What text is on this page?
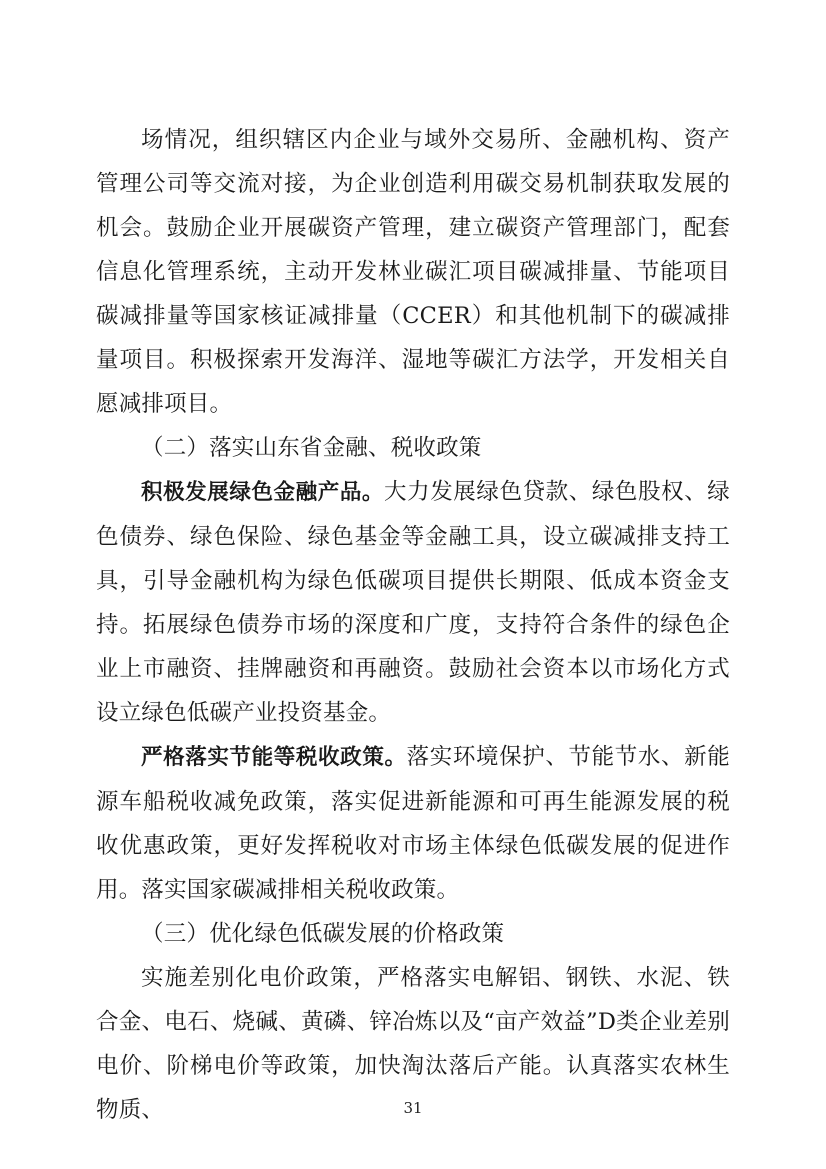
场情况，组织辖区内企业与域外交易所、金融机构、资产管理公司等交流对接，为企业创造利用碳交易机制获取发展的机会。鼓励企业开展碳资产管理，建立碳资产管理部门，配套信息化管理系统，主动开发林业碳汇项目碳减排量、节能项目碳减排量等国家核证减排量（CCER）和其他机制下的碳减排量项目。积极探索开发海洋、湿地等碳汇方法学，开发相关自愿减排项目。

（二）落实山东省金融、税收政策

积极发展绿色金融产品。大力发展绿色贷款、绿色股权、绿色债券、绿色保险、绿色基金等金融工具，设立碳减排支持工具，引导金融机构为绿色低碳项目提供长期限、低成本资金支持。拓展绿色债券市场的深度和广度，支持符合条件的绿色企业上市融资、挂牌融资和再融资。鼓励社会资本以市场化方式设立绿色低碳产业投资基金。

严格落实节能等税收政策。落实环境保护、节能节水、新能源车船税收减免政策，落实促进新能源和可再生能源发展的税收优惠政策，更好发挥税收对市场主体绿色低碳发展的促进作用。落实国家碳减排相关税收政策。

（三）优化绿色低碳发展的价格政策

实施差别化电价政策，严格落实电解铝、钢铁、水泥、铁合金、电石、烧碱、黄磷、锌冶炼以及“亩产效益”D类企业差别电价、阶梯电价等政策，加快淘汰落后产能。认真落实农林生物质、	31
